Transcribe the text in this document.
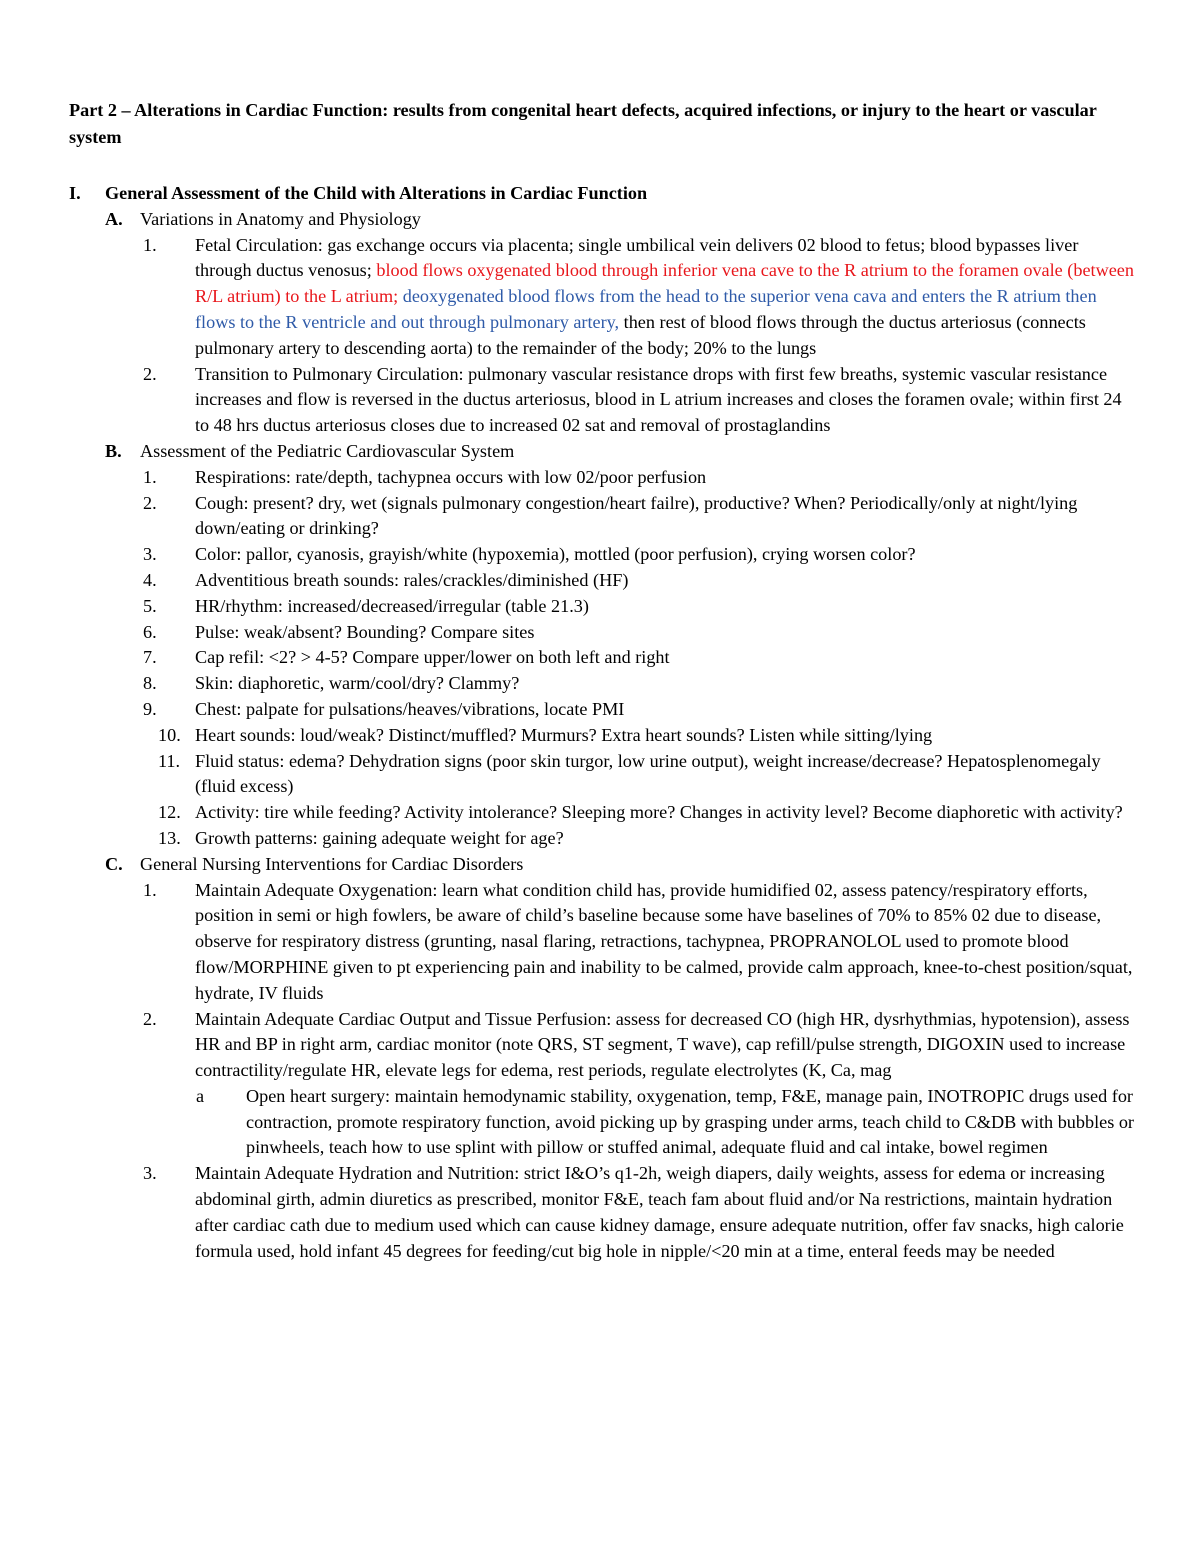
Part 2 – Alterations in Cardiac Function: results from congenital heart defects, acquired infections, or injury to the heart or vascular system

I. General Assessment of the Child with Alterations in Cardiac Function
A. Variations in Anatomy and Physiology
1. Fetal Circulation: gas exchange occurs via placenta; single umbilical vein delivers 02 blood to fetus; blood bypasses liver through ductus venosus; blood flows oxygenated blood through inferior vena cave to the R atrium to the foramen ovale (between R/L atrium) to the L atrium; deoxygenated blood flows from the head to the superior vena cava and enters the R atrium then flows to the R ventricle and out through pulmonary artery, then rest of blood flows through the ductus arteriosus (connects pulmonary artery to descending aorta) to the remainder of the body; 20% to the lungs
2. Transition to Pulmonary Circulation: pulmonary vascular resistance drops with first few breaths, systemic vascular resistance increases and flow is reversed in the ductus arteriosus, blood in L atrium increases and closes the foramen ovale; within first 24 to 48 hrs ductus arteriosus closes due to increased 02 sat and removal of prostaglandins
B. Assessment of the Pediatric Cardiovascular System
1. Respirations: rate/depth, tachypnea occurs with low 02/poor perfusion
2. Cough: present? dry, wet (signals pulmonary congestion/heart failre), productive? When? Periodically/only at night/lying down/eating or drinking?
3. Color: pallor, cyanosis, grayish/white (hypoxemia), mottled (poor perfusion), crying worsen color?
4. Adventitious breath sounds: rales/crackles/diminished (HF)
5. HR/rhythm: increased/decreased/irregular (table 21.3)
6. Pulse: weak/absent? Bounding? Compare sites
7. Cap refil: <2? > 4-5? Compare upper/lower on both left and right
8. Skin: diaphoretic, warm/cool/dry? Clammy?
9. Chest: palpate for pulsations/heaves/vibrations, locate PMI
10. Heart sounds: loud/weak? Distinct/muffled? Murmurs? Extra heart sounds? Listen while sitting/lying
11. Fluid status: edema? Dehydration signs (poor skin turgor, low urine output), weight increase/decrease? Hepatosplenomegaly (fluid excess)
12. Activity: tire while feeding? Activity intolerance? Sleeping more? Changes in activity level? Become diaphoretic with activity?
13. Growth patterns: gaining adequate weight for age?
C. General Nursing Interventions for Cardiac Disorders
1. Maintain Adequate Oxygenation: learn what condition child has, provide humidified 02, assess patency/respiratory efforts, position in semi or high fowlers, be aware of child’s baseline because some have baselines of 70% to 85% 02 due to disease, observe for respiratory distress (grunting, nasal flaring, retractions, tachypnea, PROPRANOLOL used to promote blood flow/MORPHINE given to pt experiencing pain and inability to be calmed, provide calm approach, knee-to-chest position/squat, hydrate, IV fluids
2. Maintain Adequate Cardiac Output and Tissue Perfusion: assess for decreased CO (high HR, dysrhythmias, hypotension), assess HR and BP in right arm, cardiac monitor (note QRS, ST segment, T wave), cap refill/pulse strength, DIGOXIN used to increase contractility/regulate HR, elevate legs for edema, rest periods, regulate electrolytes (K, Ca, mag
a Open heart surgery: maintain hemodynamic stability, oxygenation, temp, F&E, manage pain, INOTROPIC drugs used for contraction, promote respiratory function, avoid picking up by grasping under arms, teach child to C&DB with bubbles or pinwheels, teach how to use splint with pillow or stuffed animal, adequate fluid and cal intake, bowel regimen
3. Maintain Adequate Hydration and Nutrition: strict I&O’s q1-2h, weigh diapers, daily weights, assess for edema or increasing abdominal girth, admin diuretics as prescribed, monitor F&E, teach fam about fluid and/or Na restrictions, maintain hydration after cardiac cath due to medium used which can cause kidney damage, ensure adequate nutrition, offer fav snacks, high calorie formula used, hold infant 45 degrees for feeding/cut big hole in nipple/<20 min at a time, enteral feeds may be needed
